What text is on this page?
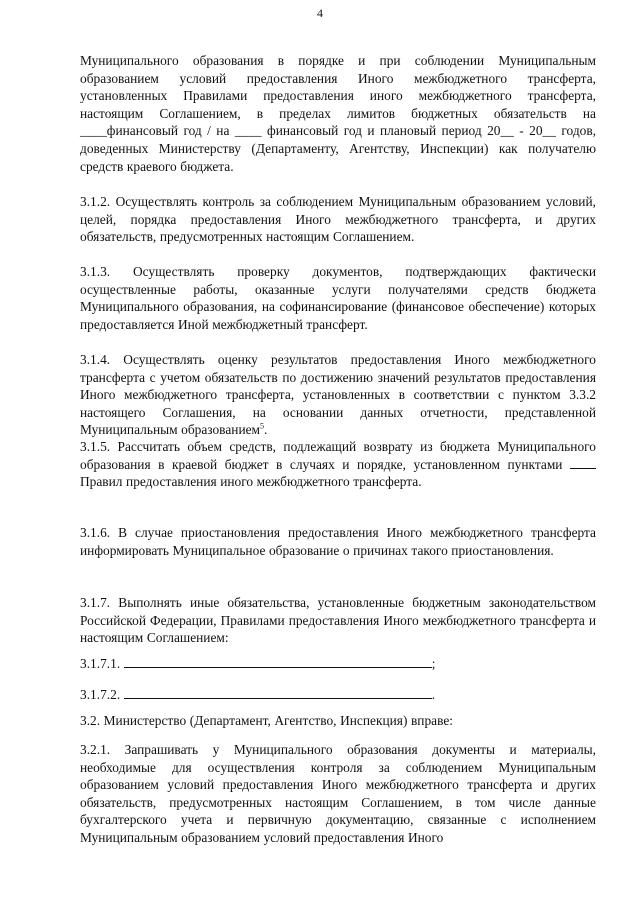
4
Муниципального образования в порядке и при соблюдении Муниципальным образованием условий предоставления Иного межбюджетного трансферта, установленных Правилами предоставления иного межбюджетного трансферта, настоящим Соглашением, в пределах лимитов бюджетных обязательств на ____финансовый год / на ____ финансовый год и плановый период 20__ - 20__ годов, доведенных Министерству (Департаменту, Агентству, Инспекции) как получателю средств краевого бюджета.
3.1.2. Осуществлять контроль за соблюдением Муниципальным образованием условий, целей, порядка предоставления Иного межбюджетного трансферта, и других обязательств, предусмотренных настоящим Соглашением.
3.1.3. Осуществлять проверку документов, подтверждающих фактически осуществленные работы, оказанные услуги получателями средств бюджета Муниципального образования, на софинансирование (финансовое обеспечение) которых предоставляется Иной межбюджетный трансферт.
3.1.4. Осуществлять оценку результатов предоставления Иного межбюджетного трансферта с учетом обязательств по достижению значений результатов предоставления Иного межбюджетного трансферта, установленных в соответствии с пунктом 3.3.2 настоящего Соглашения, на основании данных отчетности, представленной Муниципальным образованием$^5$.
3.1.5. Рассчитать объем средств, подлежащий возврату из бюджета Муниципального образования в краевой бюджет в случаях и порядке, установленном пунктами  Правил предоставления иного межбюджетного трансферта.
3.1.6. В случае приостановления предоставления Иного межбюджетного трансферта информировать Муниципальное образование о причинах такого приостановления.
3.1.7. Выполнять иные обязательства, установленные бюджетным законодательством Российской Федерации, Правилами предоставления Иного межбюджетного трансферта и настоящим Соглашением:
3.1.7.1.	;
3.1.7.2.	.
3.2. Министерство (Департамент, Агентство, Инспекция) вправе:
3.2.1. Запрашивать у Муниципального образования документы и материалы, необходимые для осуществления контроля за соблюдением Муниципальным образованием условий предоставления Иного межбюджетного трансферта и других обязательств, предусмотренных настоящим Соглашением, в том числе данные бухгалтерского учета и первичную документацию, связанные с исполнением Муниципальным образованием условий предоставления Иного
